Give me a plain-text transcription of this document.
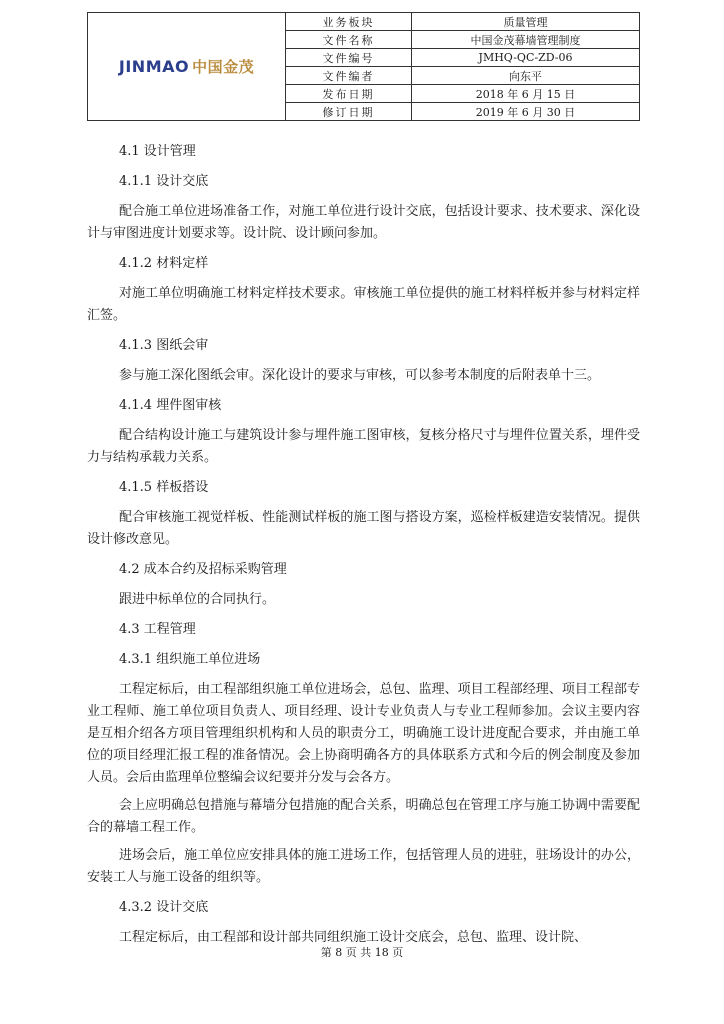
JINMAO 中国金茂	业务板块	质量管理
	文件名称	中国金茂幕墙管理制度
	文件编号	JMHQ-QC-ZD-06
	文件编者	向东平
	发布日期	2018 年 6 月 15 日
	修订日期	2019 年 6 月 30 日

4.1 设计管理

4.1.1 设计交底

配合施工单位进场准备工作，对施工单位进行设计交底，包括设计要求、技术要求、深化设计与审图进度计划要求等。设计院、设计顾问参加。

4.1.2 材料定样

对施工单位明确施工材料定样技术要求。审核施工单位提供的施工材料样板并参与材料定样汇签。

4.1.3 图纸会审

参与施工深化图纸会审。深化设计的要求与审核，可以参考本制度的后附表单十三。

4.1.4 埋件图审核

配合结构设计施工与建筑设计参与埋件施工图审核，复核分格尺寸与埋件位置关系，埋件受力与结构承载力关系。

4.1.5 样板搭设

配合审核施工视觉样板、性能测试样板的施工图与搭设方案，巡检样板建造安装情况。提供设计修改意见。

4.2 成本合约及招标采购管理

跟进中标单位的合同执行。

4.3 工程管理

4.3.1 组织施工单位进场

工程定标后，由工程部组织施工单位进场会，总包、监理、项目工程部经理、项目工程部专业工程师、施工单位项目负责人、项目经理、设计专业负责人与专业工程师参加。会议主要内容是互相介绍各方项目管理组织机构和人员的职责分工，明确施工设计进度配合要求，并由施工单位的项目经理汇报工程的准备情况。会上协商明确各方的具体联系方式和今后的例会制度及参加人员。会后由监理单位整编会议纪要并分发与会各方。

会上应明确总包措施与幕墙分包措施的配合关系，明确总包在管理工序与施工协调中需要配合的幕墙工程工作。

进场会后，施工单位应安排具体的施工进场工作，包括管理人员的进驻，驻场设计的办公，安装工人与施工设备的组织等。

4.3.2 设计交底

工程定标后，由工程部和设计部共同组织施工设计交底会，总包、监理、设计院、

第 8 页 共 18 页
